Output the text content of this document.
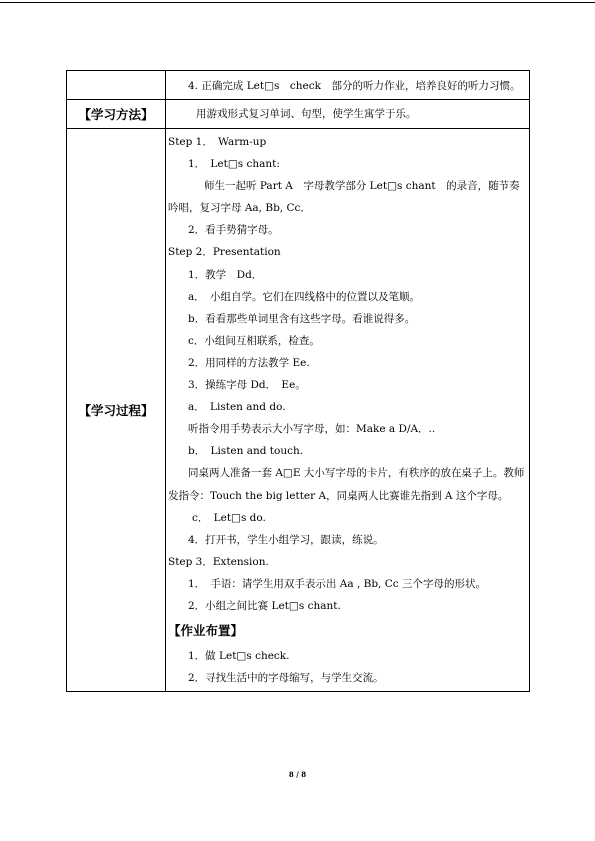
4. 正确完成 Let□s　check　部分的听力作业，培养良好的听力习惯。

【学习方法】	用游戏形式复习单词、句型，使学生寓学于乐。

【学习过程】

Step 1．　Warm-up

1．　Let□s chant:

师生一起听 Part A　字母教学部分 Let□s chant　的录音，随节奏吟唱，复习字母 Aa, Bb, Cc．

2．看手势猜字母。

Step 2．Presentation

1．教学　Dd．

a．　小组自学。它们在四线格中的位置以及笔顺。

b．看看那些单词里含有这些字母。看谁说得多。

c．小组间互相联系，检查。

2．用同样的方法教学 Ee.

3．操练字母 Dd．　Ee。

a．　Listen and do.

听指令用手势表示大小写字母，如：Make a D/A．..

b．　Listen and touch.

同桌两人准备一套 A□E 大小写字母的卡片，有秩序的放在桌子上。教师发指令：Touch the big letter A，同桌两人比赛谁先指到 A 这个字母。

c．　Let□s do.

4．打开书，学生小组学习，跟读，练说。

Step 3．Extension.

1．　手语：请学生用双手表示出 Aa , Bb, Cc 三个字母的形状。

2．小组之间比赛 Let□s chant.

【作业布置】

1．做 Let□s check.

2．寻找生活中的字母缩写，与学生交流。

8 / 8
